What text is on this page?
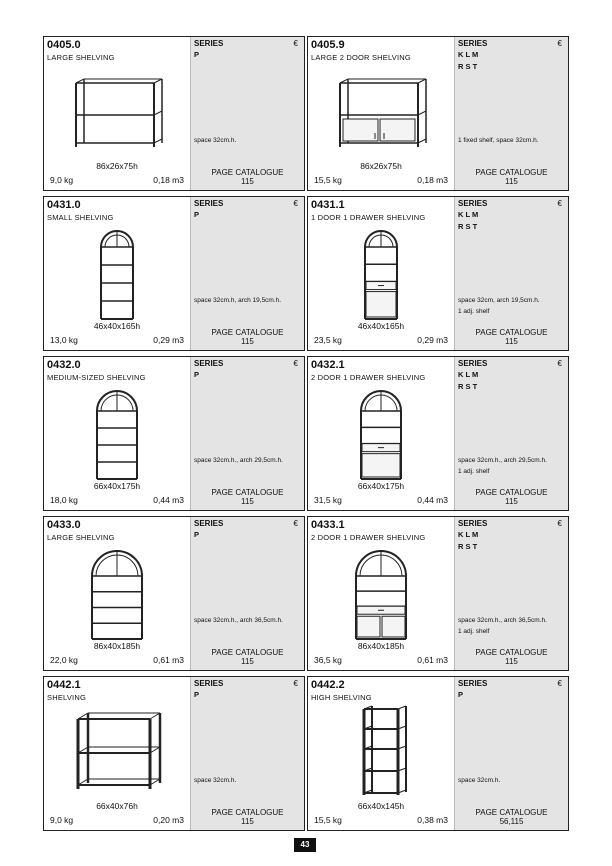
0405.0
LARGE SHELVING
86x26x75h
9,0 kg	0,18 m3
SERIES
P
€
space 32cm.h.
PAGE CATALOGUE
115
0405.9
LARGE 2 DOOR SHELVING
86x26x75h
15,5 kg	0,18 m3
SERIES
K L M
R S T
€
1 fixed shelf, space 32cm.h.
PAGE CATALOGUE
115
0431.0
SMALL SHELVING
46x40x165h
13,0 kg	0,29 m3
SERIES
P
€
space 32cm.h, arch 19,5cm.h.
PAGE CATALOGUE
115
0431.1
1 DOOR 1 DRAWER SHELVING
46x40x165h
23,5 kg	0,29 m3
SERIES
K L M
R S T
€
space 32cm, arch 19,5cm.h.
1 adj. shelf
PAGE CATALOGUE
115
0432.0
MEDIUM-SIZED SHELVING
66x40x175h
18,0 kg	0,44 m3
SERIES
P
€
space 32cm.h., arch 29,5cm.h.
PAGE CATALOGUE
115
0432.1
2 DOOR 1 DRAWER SHELVING
66x40x175h
31,5 kg	0,44 m3
SERIES
K L M
R S T
€
space 32cm.h., arch 29,5cm.h.
1 adj. shelf
PAGE CATALOGUE
115
0433.0
LARGE SHELVING
86x40x185h
22,0 kg	0,61 m3
SERIES
P
€
space 32cm.h., arch 36,5cm.h.
PAGE CATALOGUE
115
0433.1
2 DOOR 1 DRAWER SHELVING
86x40x185h
36,5 kg	0,61 m3
SERIES
K L M
R S T
€
space 32cm.h., arch 36,5cm.h.
1 adj. shelf
PAGE CATALOGUE
115
0442.1
SHELVING
66x40x76h
9,0 kg	0,20 m3
SERIES
P
€
space 32cm.h.
PAGE CATALOGUE
115
0442.2
HIGH SHELVING
66x40x145h
15,5 kg	0,38 m3
SERIES
P
€
space 32cm.h.
PAGE CATALOGUE
56,115
43
